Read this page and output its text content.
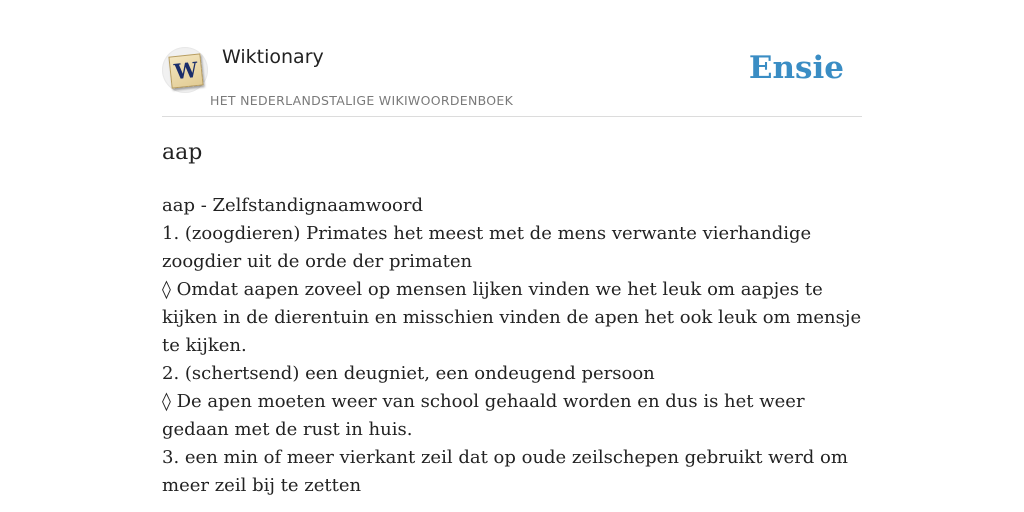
W Wiktionary
HET NEDERLANDSTALIGE WIKIWOORDENBOEK
Ensie
aap
aap - Zelfstandignaamwoord
1. (zoogdieren) Primates het meest met de mens verwante vierhandige zoogdier uit de orde der primaten
◊ Omdat aapen zoveel op mensen lijken vinden we het leuk om aapjes te kijken in de dierentuin en misschien vinden de apen het ook leuk om mensje te kijken.
2. (schertsend) een deugniet, een ondeugend persoon
◊ De apen moeten weer van school gehaald worden en dus is het weer gedaan met de rust in huis.
3. een min of meer vierkant zeil dat op oude zeilschepen gebruikt werd om meer zeil bij te zetten
